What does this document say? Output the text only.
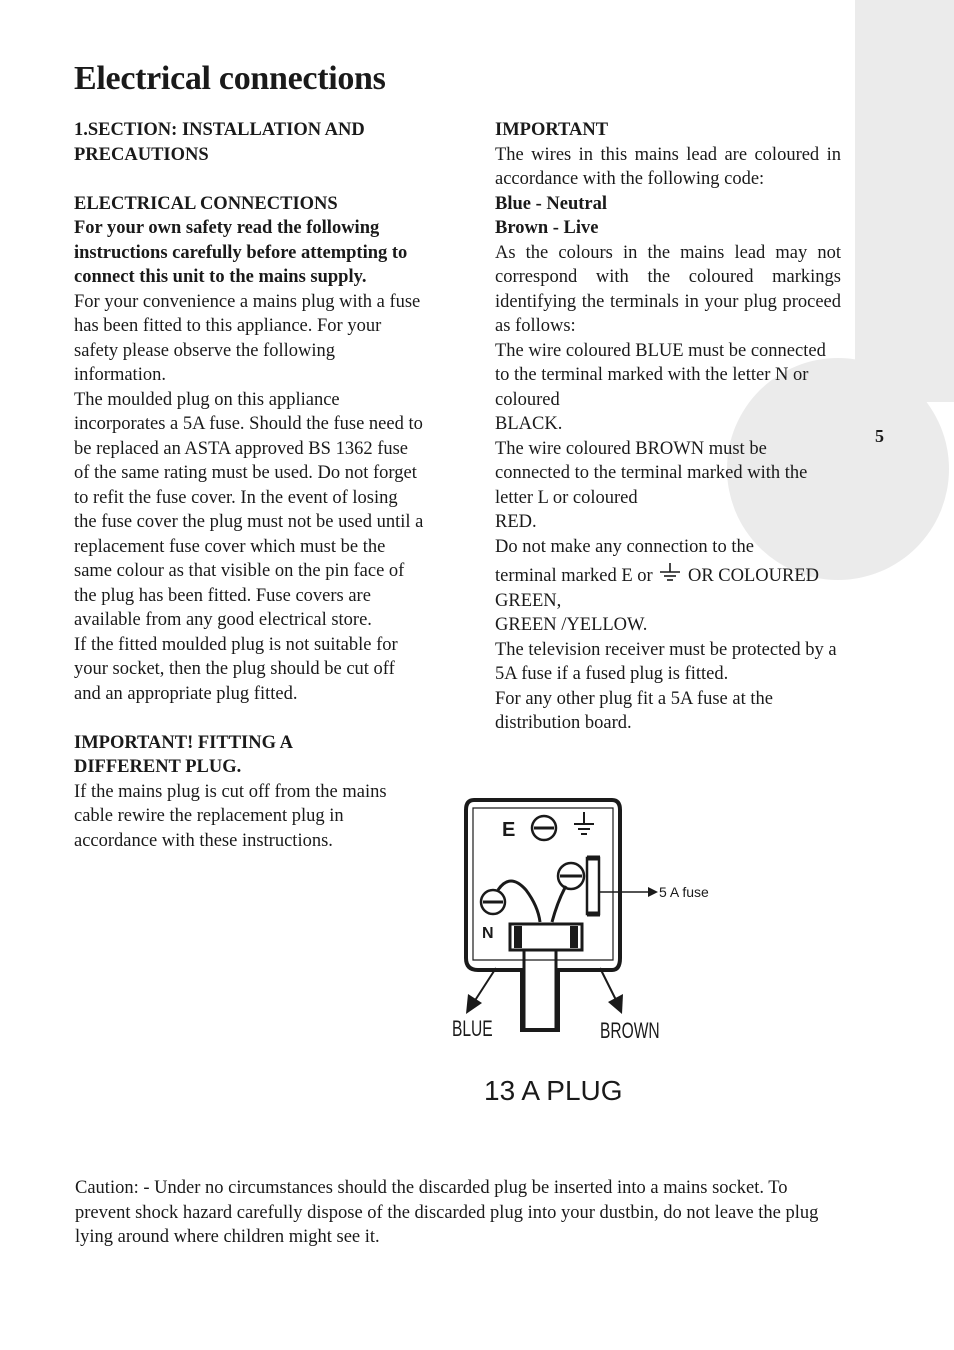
5
Electrical connections

1.SECTION: INSTALLATION AND

PRECAUTIONS

ELECTRICAL CONNECTIONS

For your own safety read the following instructions carefully before attempting to connect this unit to the mains supply.

For your convenience a mains plug with a fuse has been fitted to this appliance. For your safety please observe the following information.

The moulded plug on this appliance incorporates a 5A fuse. Should the fuse need to be replaced an ASTA approved BS 1362 fuse of the same rating must be used. Do not forget to refit the fuse cover. In the event of losing the fuse cover the plug must not be used until a replacement fuse cover which must be the same colour as that visible on the pin face of the plug has been fitted. Fuse covers are available from any good electrical store.

If the fitted moulded plug is not suitable for your socket, then the plug should be cut off and an appropriate plug fitted.

IMPORTANT! FITTING A

DIFFERENT PLUG.

If the mains plug is cut off from the mains cable rewire the replacement plug in accordance with these instructions.

IMPORTANT

The wires in this mains lead are coloured in accordance with the following code:

Blue - Neutral

Brown - Live

As the colours in the mains lead may not correspond with the coloured markings identifying the terminals in your plug proceed as follows:

The wire coloured BLUE must be connected to the terminal marked with the letter N or coloured

BLACK.

The wire coloured BROWN must be connected to the terminal marked with the letter L or coloured

RED.

Do not make any connection to the

terminal marked E or OR COLOURED

GREEN,

GREEN /YELLOW.

The television receiver must be protected by a 5A fuse if a fused plug is fitted.

For any other plug fit a 5A fuse at the distribution board.

E
5 A fuse
N
BLUE	BROWN
13 A PLUG

Caution: - Under no circumstances should the discarded plug be inserted into a mains socket. To prevent shock hazard carefully dispose of the discarded plug into your dustbin, do not leave the plug lying around where children might see it.
